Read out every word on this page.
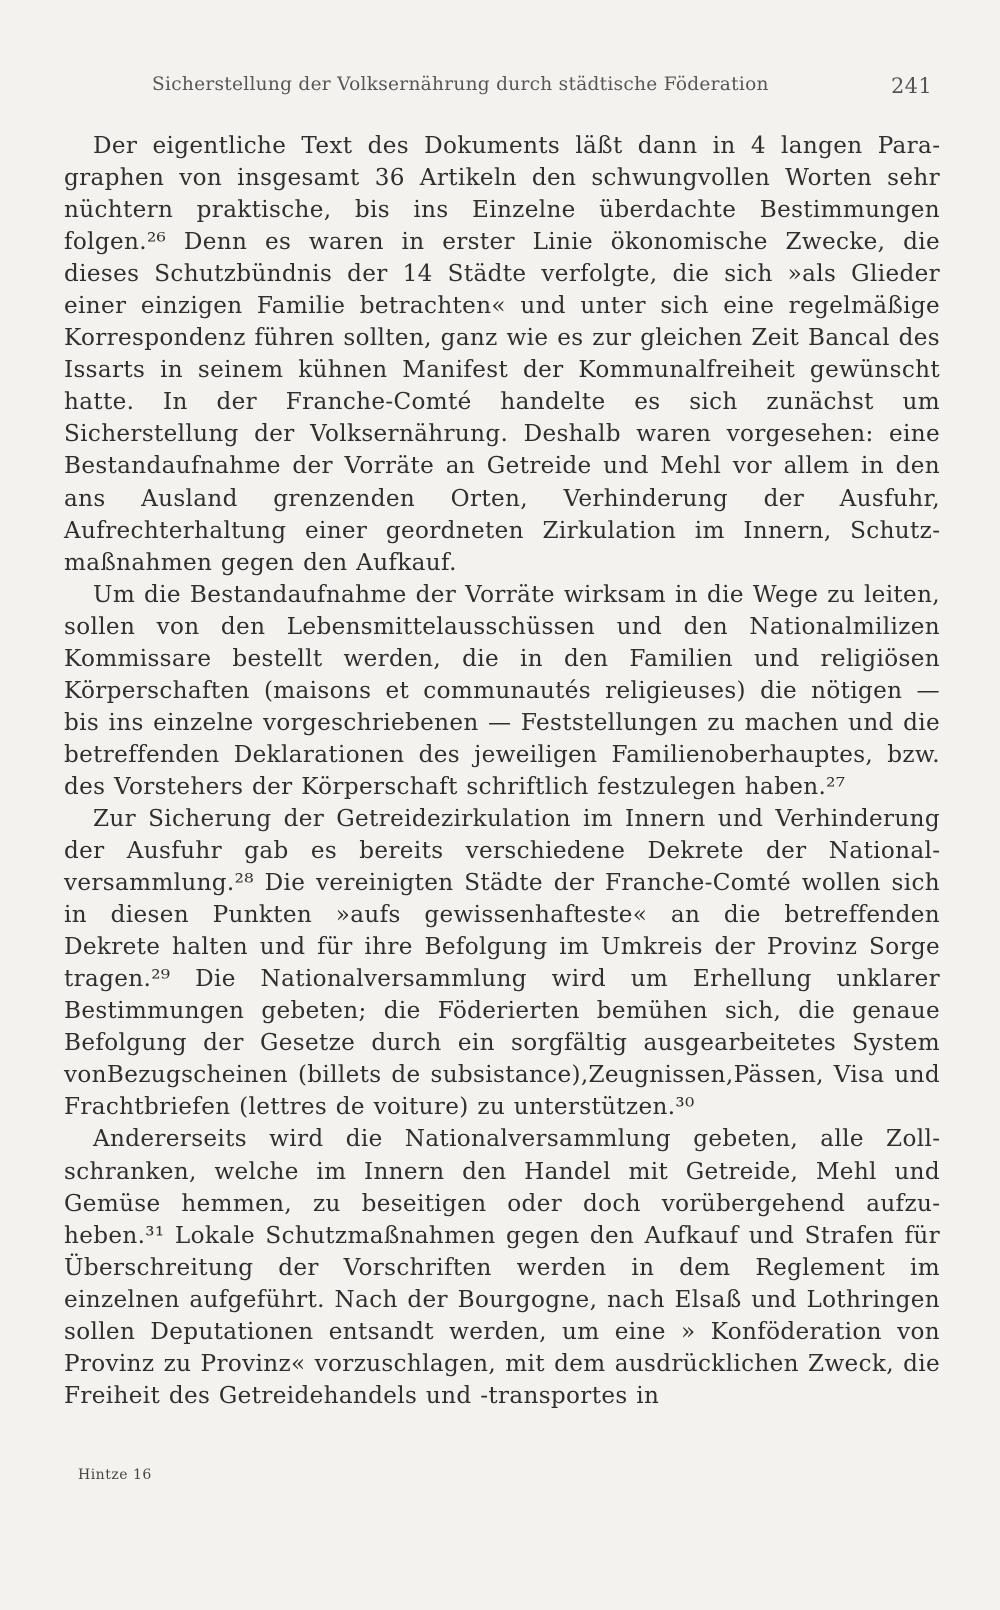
Sicherstellung der Volksernährung durch städtische Föderation	241

Der eigentliche Text des Dokuments läßt dann in 4 langen Paragraphen von insgesamt 36 Artikeln den schwungvollen Worten sehr nüchtern praktische, bis ins Einzelne überdachte Bestimmungen folgen.²⁶ Denn es waren in erster Linie ökonomische Zwecke, die dieses Schutzbündnis der 14 Städte verfolgte, die sich »als Glieder einer einzigen Familie betrachten« und unter sich eine regelmäßige Korrespondenz führen sollten, ganz wie es zur gleichen Zeit Bancal des Issarts in seinem kühnen Manifest der Kommunalfreiheit gewünscht hatte. In der Franche-Comté handelte es sich zunächst um Sicherstellung der Volksernährung. Deshalb waren vorgesehen: eine Bestandaufnahme der Vorräte an Getreide und Mehl vor allem in den ans Ausland grenzenden Orten, Verhinderung der Ausfuhr, Aufrechterhaltung einer geordneten Zirkulation im Innern, Schutzmaßnahmen gegen den Aufkauf.

Um die Bestandaufnahme der Vorräte wirksam in die Wege zu leiten, sollen von den Lebensmittelausschüssen und den Nationalmilizen Kommissare bestellt werden, die in den Familien und religiösen Körperschaften (maisons et communautés religieuses) die nötigen — bis ins einzelne vorgeschriebenen — Feststellungen zu machen und die betreffenden Deklarationen des jeweiligen Familienoberhauptes, bzw. des Vorstehers der Körperschaft schriftlich festzulegen haben.²⁷

Zur Sicherung der Getreidezirkulation im Innern und Verhinderung der Ausfuhr gab es bereits verschiedene Dekrete der Nationalversammlung.²⁸ Die vereinigten Städte der Franche-Comté wollen sich in diesen Punkten »aufs gewissenhafteste« an die betreffenden Dekrete halten und für ihre Befolgung im Umkreis der Provinz Sorge tragen.²⁹ Die Nationalversammlung wird um Erhellung unklarer Bestimmungen gebeten; die Föderierten bemühen sich, die genaue Befolgung der Gesetze durch ein sorgfältig ausgearbeitetes System vonBezugscheinen (billets de subsistance),Zeugnissen,Pässen, Visa und Frachtbriefen (lettres de voiture) zu unterstützen.³⁰

Andererseits wird die Nationalversammlung gebeten, alle Zollschranken, welche im Innern den Handel mit Getreide, Mehl und Gemüse hemmen, zu beseitigen oder doch vorübergehend aufzuheben.³¹ Lokale Schutzmaßnahmen gegen den Aufkauf und Strafen für Überschreitung der Vorschriften werden in dem Reglement im einzelnen aufgeführt. Nach der Bourgogne, nach Elsaß und Lothringen sollen Deputationen entsandt werden, um eine » Konföderation von Provinz zu Provinz« vorzuschlagen, mit dem ausdrücklichen Zweck, die Freiheit des Getreidehandels und -transportes in

Hintze 16
